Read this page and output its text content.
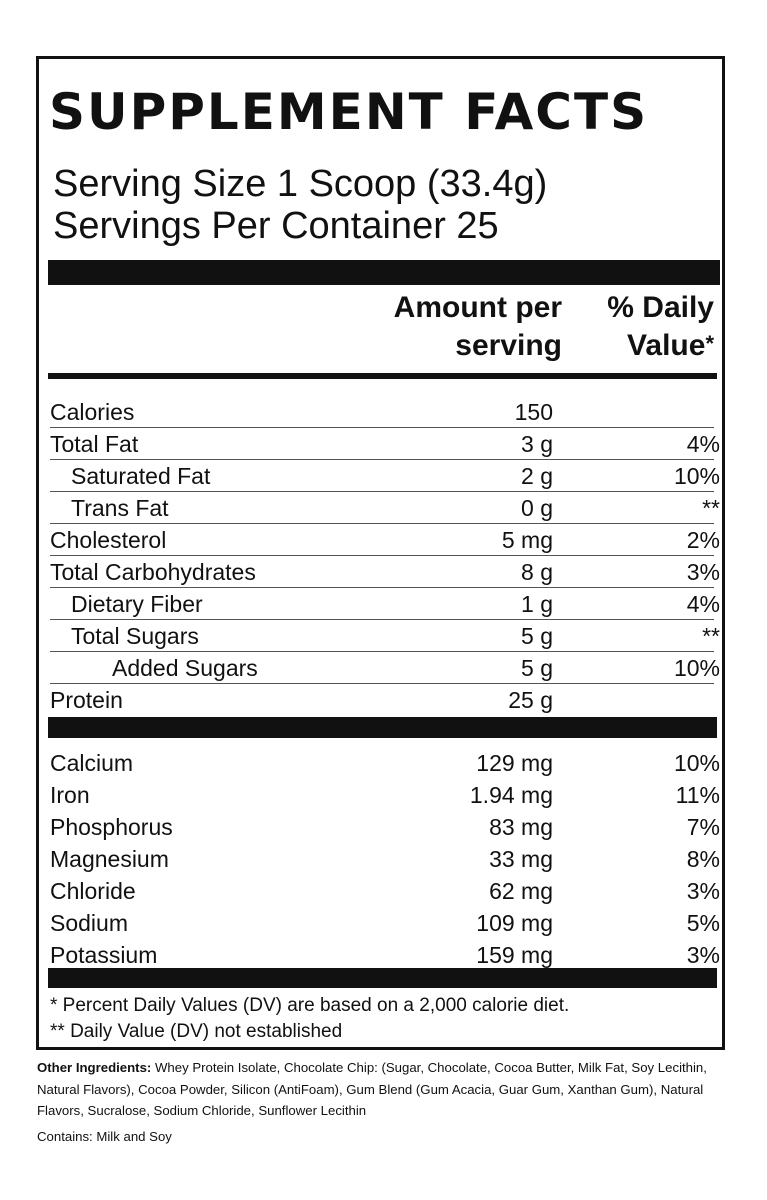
SUPPLEMENT FACTS
Serving Size 1 Scoop (33.4g)
Servings Per Container 25
Amount per
serving
% Daily
Value*
Calories	150
Total Fat	3 g	4%
Saturated Fat	2 g	10%
Trans Fat	0 g	**
Cholesterol	5 mg	2%
Total Carbohydrates	8 g	3%
Dietary Fiber	1 g	4%
Total Sugars	5 g	**
Added Sugars	5 g	10%
Protein	25 g
Calcium	129 mg	10%
Iron	1.94 mg	11%
Phosphorus	83 mg	7%
Magnesium	33 mg	8%
Chloride	62 mg	3%
Sodium	109 mg	5%
Potassium	159 mg	3%
* Percent Daily Values (DV) are based on a 2,000 calorie diet.
** Daily Value (DV) not established

Other Ingredients: Whey Protein Isolate, Chocolate Chip: (Sugar, Chocolate, Cocoa Butter, Milk Fat, Soy Lecithin, Natural Flavors), Cocoa Powder, Silicon (AntiFoam), Gum Blend (Gum Acacia, Guar Gum, Xanthan Gum), Natural Flavors, Sucralose, Sodium Chloride, Sunflower Lecithin

Contains: Milk and Soy
